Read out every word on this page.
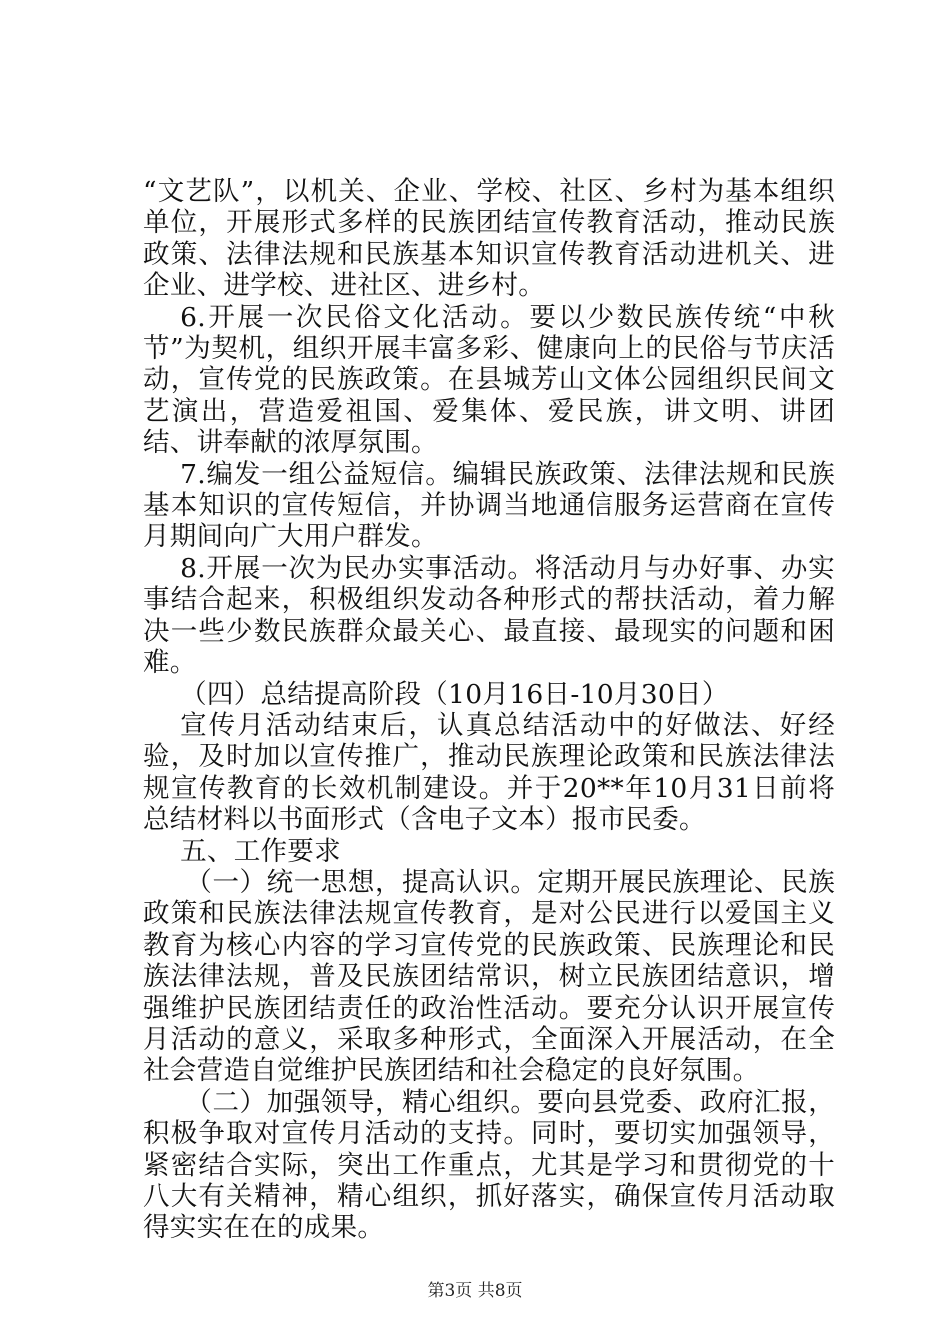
“文艺队”，以机关、企业、学校、社区、乡村为基本组织单位，开展形式多样的民族团结宣传教育活动，推动民族政策、法律法规和民族基本知识宣传教育活动进机关、进企业、进学校、进社区、进乡村。

6.开展一次民俗文化活动。要以少数民族传统“中秋节”为契机，组织开展丰富多彩、健康向上的民俗与节庆活动，宣传党的民族政策。在县城芳山文体公园组织民间文艺演出，营造爱祖国、爱集体、爱民族，讲文明、讲团结、讲奉献的浓厚氛围。

7.编发一组公益短信。编辑民族政策、法律法规和民族基本知识的宣传短信，并协调当地通信服务运营商在宣传月期间向广大用户群发。

8.开展一次为民办实事活动。将活动月与办好事、办实事结合起来，积极组织发动各种形式的帮扶活动，着力解决一些少数民族群众最关心、最直接、最现实的问题和困难。

（四）总结提高阶段（10月16日-10月30日）

宣传月活动结束后，认真总结活动中的好做法、好经验，及时加以宣传推广，推动民族理论政策和民族法律法规宣传教育的长效机制建设。并于20**年10月31日前将总结材料以书面形式（含电子文本）报市民委。

五、工作要求

（一）统一思想，提高认识。定期开展民族理论、民族政策和民族法律法规宣传教育，是对公民进行以爱国主义教育为核心内容的学习宣传党的民族政策、民族理论和民族法律法规，普及民族团结常识，树立民族团结意识，增强维护民族团结责任的政治性活动。要充分认识开展宣传月活动的意义，采取多种形式，全面深入开展活动，在全社会营造自觉维护民族团结和社会稳定的良好氛围。

（二）加强领导，精心组织。要向县党委、政府汇报，积极争取对宣传月活动的支持。同时，要切实加强领导，紧密结合实际，突出工作重点，尤其是学习和贯彻党的十八大有关精神，精心组织，抓好落实，确保宣传月活动取得实实在在的成果。

第3页 共8页
